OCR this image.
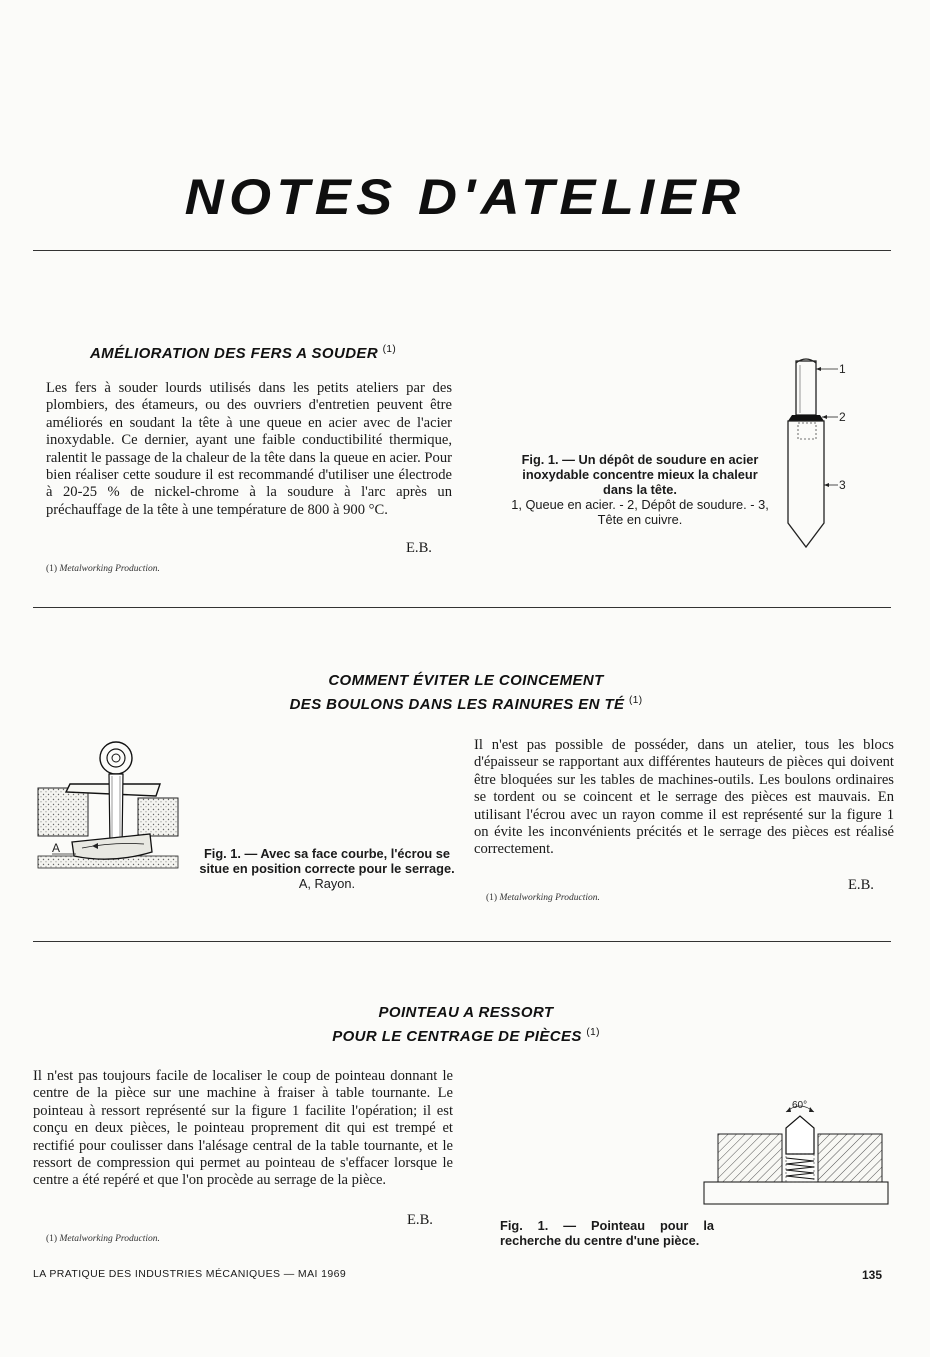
NOTES D'ATELIER
AMÉLIORATION DES FERS A SOUDER $^{(1)}$
Les fers à souder lourds utilisés dans les petits ateliers par des plombiers, des étameurs, ou des ouvriers d'entretien peuvent être améliorés en soudant la tête à une queue en acier avec de l'acier inoxydable. Ce dernier, ayant une faible conductibilité thermique, ralentit le passage de la chaleur de la tête dans la queue en acier. Pour bien réaliser cette soudure il est recommandé d'utiliser une électrode à 20-25 % de nickel-chrome à la soudure à l'arc après un préchauffage de la tête à une température de 800 à 900 °C.
E.B.
(1) Metalworking Production.
Fig. 1. — Un dépôt de soudure en acier inoxydable concentre mieux la chaleur dans la tête.
1, Queue en acier. - 2, Dépôt de soudure. - 3, Tête en cuivre.
1
2
3
COMMENT ÉVITER LE COINCEMENT
DES BOULONS DANS LES RAINURES EN TÉ $^{(1)}$
A	Fig. 1. — Avec sa face courbe, l'écrou se situe en position correcte pour le serrage.
A, Rayon.
Il n'est pas possible de posséder, dans un atelier, tous les blocs d'épaisseur se rapportant aux différentes hauteurs de pièces qui doivent être bloquées sur les tables de machines-outils. Les boulons ordinaires se tordent ou se coincent et le serrage des pièces est mauvais. En utilisant l'écrou avec un rayon comme il est représenté sur la figure 1 on évite les inconvénients précités et le serrage des pièces est réalisé correctement.
E.B.
(1) Metalworking Production.
POINTEAU A RESSORT
POUR LE CENTRAGE DE PIÈCES $^{(1)}$
Il n'est pas toujours facile de localiser le coup de pointeau donnant le centre de la pièce sur une machine à fraiser à table tournante. Le pointeau à ressort représenté sur la figure 1 facilite l'opération; il est conçu en deux pièces, le pointeau proprement dit qui est trempé et rectifié pour coulisser dans l'alésage central de la table tournante, et le ressort de compression qui permet au pointeau de s'effacer lorsque le centre a été repéré et que l'on procède au serrage de la pièce.
E.B.
(1) Metalworking Production.
60°
Fig. 1. — Pointeau pour la recherche du centre d'une pièce.
LA PRATIQUE DES INDUSTRIES MÉCANIQUES — MAI 1969	135
